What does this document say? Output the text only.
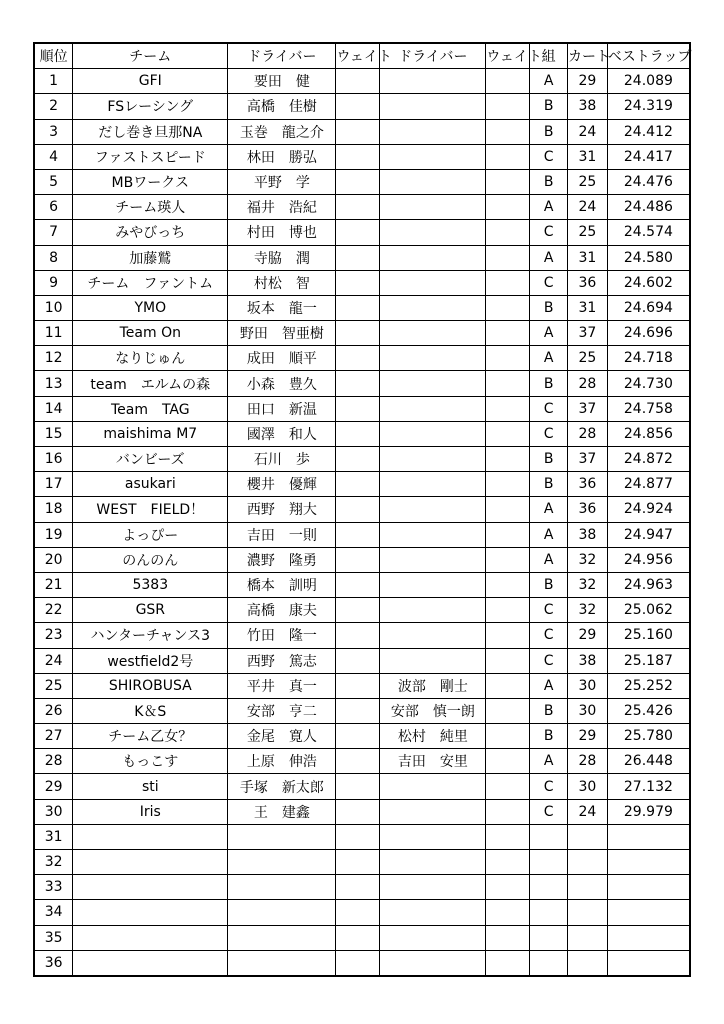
順位	チーム	ドライバー	ウェイト	ドライバー	ウェイト	組	カート	ベストラップ
1	GFI	要田　健				A	29	24.089
2	FSレーシング	高橋　佳樹				B	38	24.319
3	だし巻き旦那NA	玉巻　龍之介				B	24	24.412
4	ファストスピード	林田　勝弘				C	31	24.417
5	MBワークス	平野　学				B	25	24.476
6	チーム瑛人	福井　浩紀				A	24	24.486
7	みやびっち	村田　博也				C	25	24.574
8	加藤鷲	寺脇　潤				A	31	24.580
9	チーム　ファントム	村松　智				C	36	24.602
10	YMO	坂本　龍一				B	31	24.694
11	Team On	野田　智亜樹				A	37	24.696
12	なりじゅん	成田　順平				A	25	24.718
13	team　エルムの森	小森　豊久				B	28	24.730
14	Team　TAG	田口　新温				C	37	24.758
15	maishima M7	國澤　和人				C	28	24.856
16	バンビーズ	石川　歩				B	37	24.872
17	asukari	櫻井　優輝				B	36	24.877
18	WEST　FIELD！	西野　翔大				A	36	24.924
19	よっぴー	吉田　一則				A	38	24.947
20	のんのん	濃野　隆勇				A	32	24.956
21	5383	橋本　訓明				B	32	24.963
22	GSR	高橋　康夫				C	32	25.062
23	ハンターチャンス3	竹田　隆一				C	29	25.160
24	westfield2号	西野　篤志				C	38	25.187
25	SHIROBUSA	平井　真一		波部　剛士		A	30	25.252
26	K＆S	安部　亨二		安部　慎一朗		B	30	25.426
27	チーム乙女？	金尾　寛人		松村　純里		B	29	25.780
28	もっこす	上原　伸浩		吉田　安里		A	28	26.448
29	sti	手塚　新太郎				C	30	27.132
30	Iris	王　建鑫				C	24	29.979
31								
32								
33								
34								
35								
36								
